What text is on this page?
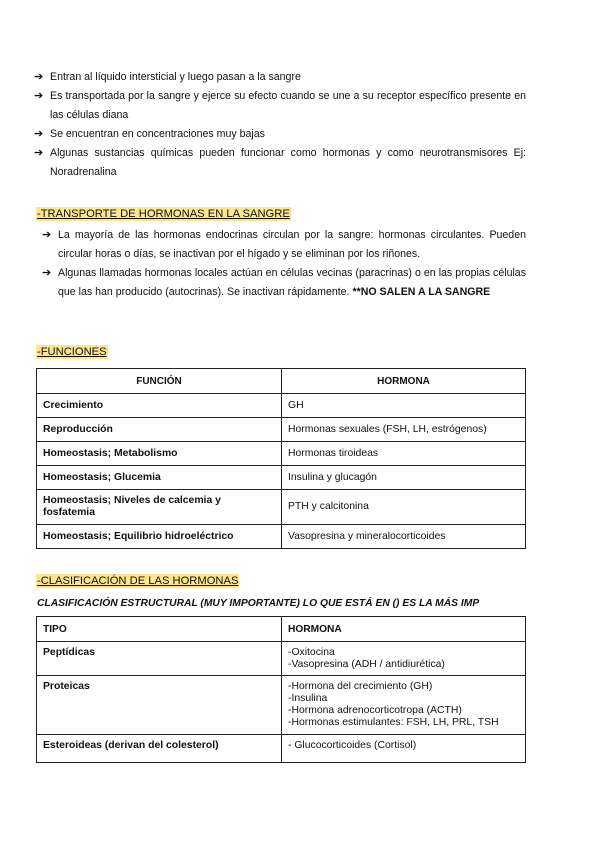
➔ Entran al líquido intersticial y luego pasan a la sangre
➔ Es transportada por la sangre y ejerce su efecto cuando se une a su receptor específico presente en las células diana
➔ Se encuentran en concentraciones muy bajas
➔ Algunas sustancias químicas pueden funcionar como hormonas y como neurotransmisores Ej: Noradrenalina
-TRANSPORTE DE HORMONAS EN LA SANGRE
➔ La mayoría de las hormonas endocrinas circulan por la sangre: hormonas circulantes. Pueden circular horas o días, se inactivan por el hígado y se eliminan por los riñones.
➔ Algunas llamadas hormonas locales actúan en células vecinas (paracrinas) o en las propias células que las han producido (autocrinas). Se inactivan rápidamente. **NO SALEN A LA SANGRE
-FUNCIONES
FUNCIÓN	HORMONA
Crecimiento	GH
Reproducción	Hormonas sexuales (FSH, LH, estrógenos)
Homeostasis; Metabolismo	Hormonas tiroideas
Homeostasis; Glucemia	Insulina y glucagón
Homeostasis; Niveles de calcemia y fosfatemia	PTH y calcitonina
Homeostasis; Equilibrio hidroeléctrico	Vasopresina y mineralocorticoides
-CLASIFICACIÓN DE LAS HORMONAS
CLASIFICACIÓN ESTRUCTURAL (MUY IMPORTANTE) LO QUE ESTÁ EN () ES LA MÁS IMP
TIPO	HORMONA
Peptídicas	-Oxitocina
-Vasopresina (ADH / antidiurética)

Proteicas	-Hormona del crecimiento (GH)
-Insulina
-Hormona adrenocorticotropa (ACTH)
-Hormonas estimulantes: FSH, LH, PRL, TSH

Esteroideas (derivan del colesterol)	- Glucocorticoides (Cortisol)
